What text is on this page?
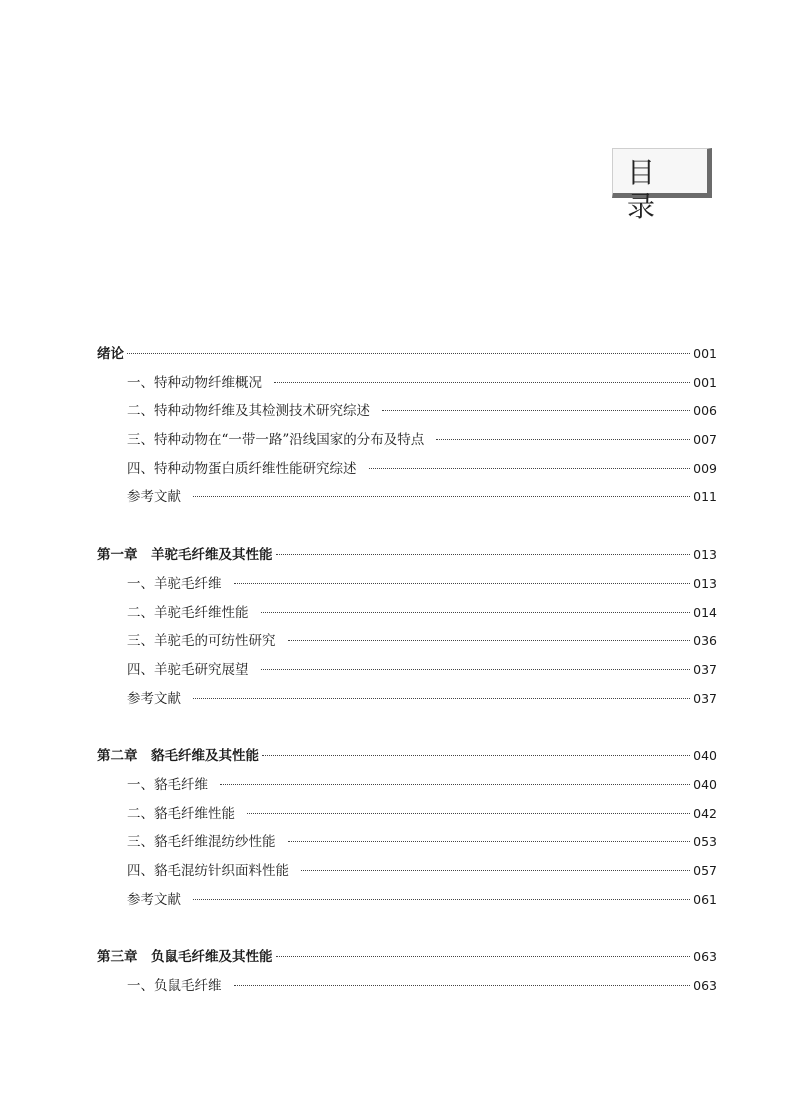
目录
绪论	001
一、特种动物纤维概况	001
二、特种动物纤维及其检测技术研究综述	006
三、特种动物在“一带一路”沿线国家的分布及特点	007
四、特种动物蛋白质纤维性能研究综述	009
参考文献	011
第一章　羊驼毛纤维及其性能	013
一、羊驼毛纤维	013
二、羊驼毛纤维性能	014
三、羊驼毛的可纺性研究	036
四、羊驼毛研究展望	037
参考文献	037
第二章　貉毛纤维及其性能	040
一、貉毛纤维	040
二、貉毛纤维性能	042
三、貉毛纤维混纺纱性能	053
四、貉毛混纺针织面料性能	057
参考文献	061
第三章　负鼠毛纤维及其性能	063
一、负鼠毛纤维	063
